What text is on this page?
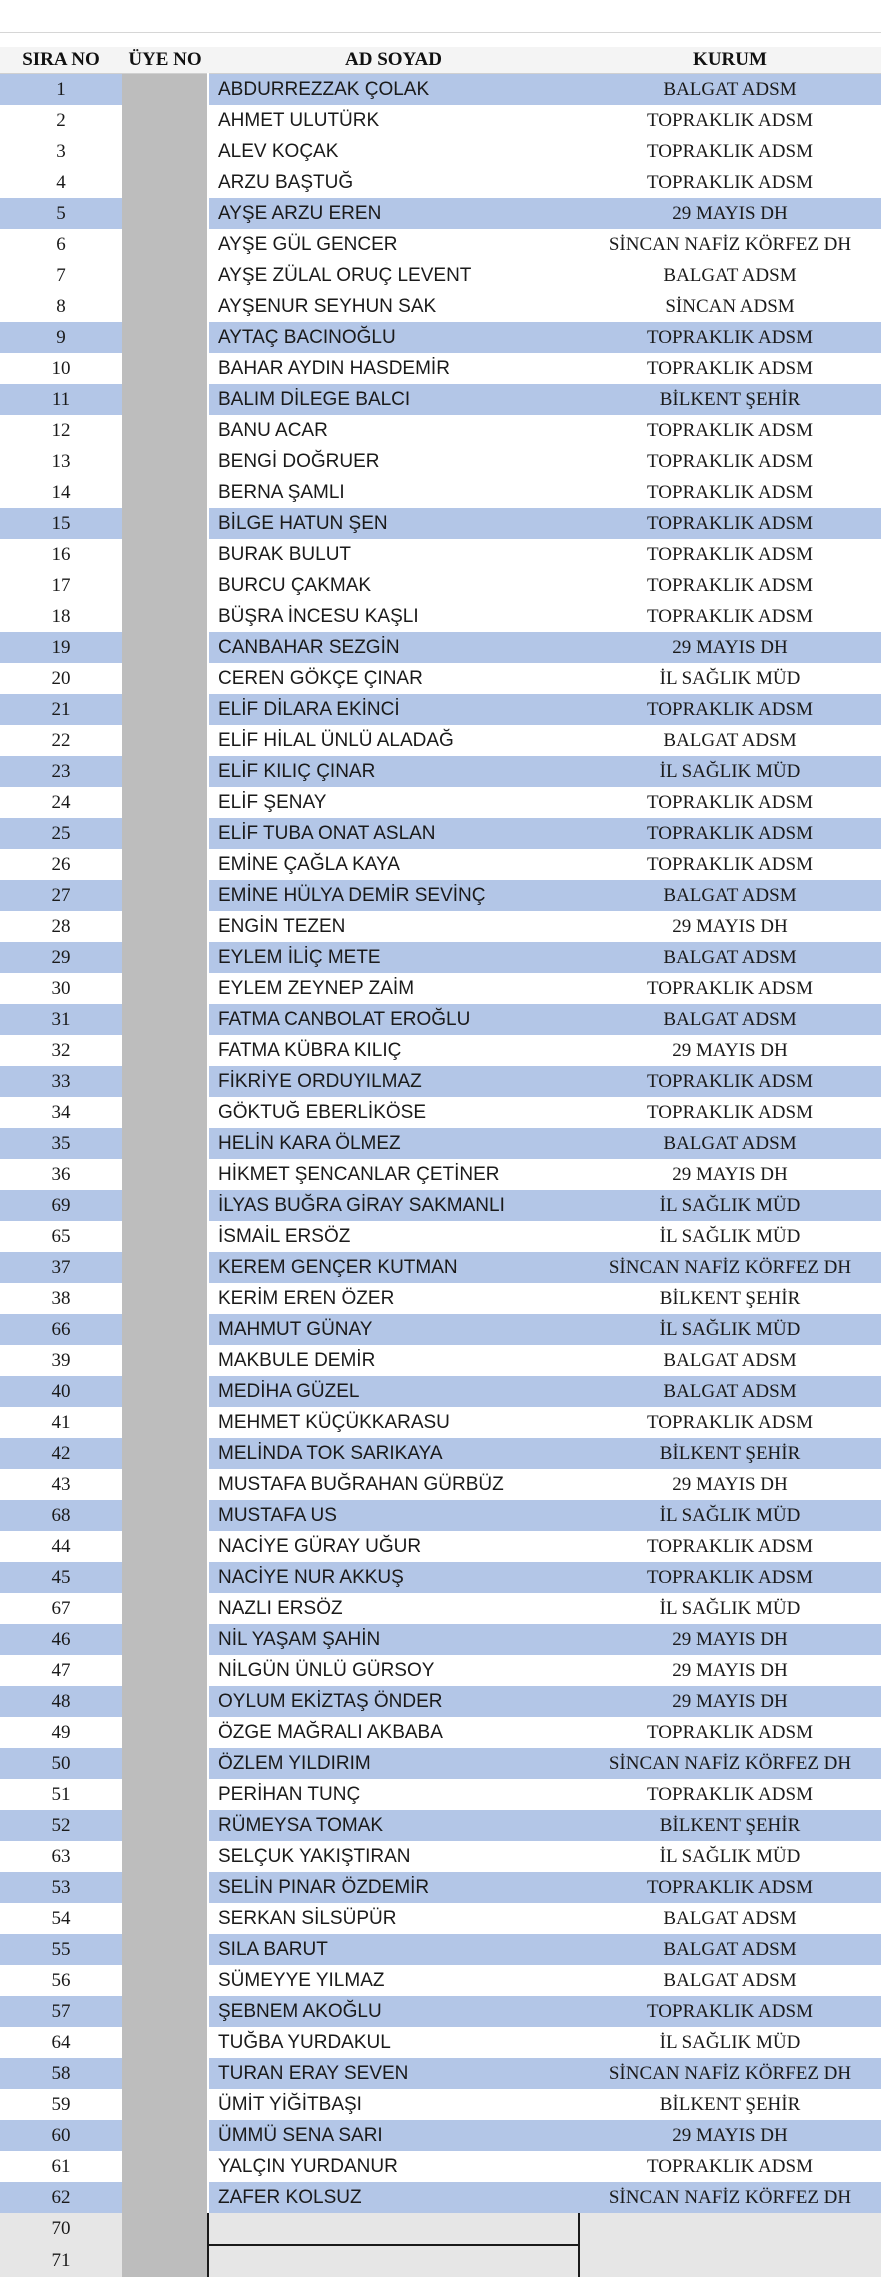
SIRA NO	ÜYE NO	AD SOYAD	KURUM
1		ABDURREZZAK ÇOLAK	BALGAT ADSM
2		AHMET ULUTÜRK	TOPRAKLIK ADSM
3		ALEV KOÇAK	TOPRAKLIK ADSM
4		ARZU BAŞTUĞ	TOPRAKLIK ADSM
5		AYŞE ARZU EREN	29 MAYIS DH
6		AYŞE GÜL GENCER	SİNCAN NAFİZ KÖRFEZ DH
7		AYŞE ZÜLAL ORUÇ LEVENT	BALGAT ADSM
8		AYŞENUR SEYHUN SAK	SİNCAN ADSM
9		AYTAÇ BACINOĞLU	TOPRAKLIK ADSM
10		BAHAR AYDIN HASDEMİR	TOPRAKLIK ADSM
11		BALIM DİLEGE BALCI	BİLKENT ŞEHİR
12		BANU ACAR	TOPRAKLIK ADSM
13		BENGİ DOĞRUER	TOPRAKLIK ADSM
14		BERNA ŞAMLI	TOPRAKLIK ADSM
15		BİLGE HATUN ŞEN	TOPRAKLIK ADSM
16		BURAK BULUT	TOPRAKLIK ADSM
17		BURCU ÇAKMAK	TOPRAKLIK ADSM
18		BÜŞRA İNCESU KAŞLI	TOPRAKLIK ADSM
19		CANBAHAR SEZGİN	29 MAYIS DH
20		CEREN GÖKÇE ÇINAR	İL SAĞLIK MÜD
21		ELİF DİLARA EKİNCİ	TOPRAKLIK ADSM
22		ELİF HİLAL ÜNLÜ ALADAĞ	BALGAT ADSM
23		ELİF KILIÇ ÇINAR	İL SAĞLIK MÜD
24		ELİF ŞENAY	TOPRAKLIK ADSM
25		ELİF TUBA ONAT ASLAN	TOPRAKLIK ADSM
26		EMİNE ÇAĞLA KAYA	TOPRAKLIK ADSM
27		EMİNE HÜLYA DEMİR SEVİNÇ	BALGAT ADSM
28		ENGİN TEZEN	29 MAYIS DH
29		EYLEM İLİÇ METE	BALGAT ADSM
30		EYLEM ZEYNEP ZAİM	TOPRAKLIK ADSM
31		FATMA CANBOLAT EROĞLU	BALGAT ADSM
32		FATMA KÜBRA KILIÇ	29 MAYIS DH
33		FİKRİYE ORDUYILMAZ	TOPRAKLIK ADSM
34		GÖKTUĞ EBERLİKÖSE	TOPRAKLIK ADSM
35		HELİN KARA ÖLMEZ	BALGAT ADSM
36		HİKMET ŞENCANLAR ÇETİNER	29 MAYIS DH
69		İLYAS BUĞRA GİRAY SAKMANLI	İL SAĞLIK MÜD
65		İSMAİL ERSÖZ	İL SAĞLIK MÜD
37		KEREM GENÇER KUTMAN	SİNCAN NAFİZ KÖRFEZ DH
38		KERİM EREN ÖZER	BİLKENT ŞEHİR
66		MAHMUT GÜNAY	İL SAĞLIK MÜD
39		MAKBULE DEMİR	BALGAT ADSM
40		MEDİHA GÜZEL	BALGAT ADSM
41		MEHMET KÜÇÜKKARASU	TOPRAKLIK ADSM
42		MELİNDA TOK SARIKAYA	BİLKENT ŞEHİR
43		MUSTAFA BUĞRAHAN GÜRBÜZ	29 MAYIS DH
68		MUSTAFA US	İL SAĞLIK MÜD
44		NACİYE GÜRAY UĞUR	TOPRAKLIK ADSM
45		NACİYE NUR AKKUŞ	TOPRAKLIK ADSM
67		NAZLI ERSÖZ	İL SAĞLIK MÜD
46		NİL YAŞAM ŞAHİN	29 MAYIS DH
47		NİLGÜN ÜNLÜ GÜRSOY	29 MAYIS DH
48		OYLUM EKİZTAŞ ÖNDER	29 MAYIS DH
49		ÖZGE MAĞRALI AKBABA	TOPRAKLIK ADSM
50		ÖZLEM YILDIRIM	SİNCAN NAFİZ KÖRFEZ DH
51		PERİHAN TUNÇ	TOPRAKLIK ADSM
52		RÜMEYSA TOMAK	BİLKENT ŞEHİR
63		SELÇUK YAKIŞTIRAN	İL SAĞLIK MÜD
53		SELİN PINAR ÖZDEMİR	TOPRAKLIK ADSM
54		SERKAN SİLSÜPÜR	BALGAT ADSM
55		SILA BARUT	BALGAT ADSM
56		SÜMEYYE YILMAZ	BALGAT ADSM
57		ŞEBNEM AKOĞLU	TOPRAKLIK ADSM
64		TUĞBA YURDAKUL	İL SAĞLIK MÜD
58		TURAN ERAY SEVEN	SİNCAN NAFİZ KÖRFEZ DH
59		ÜMİT YİĞİTBAŞI	BİLKENT ŞEHİR
60		ÜMMÜ SENA SARI	29 MAYIS DH
61		YALÇIN YURDANUR	TOPRAKLIK ADSM
62		ZAFER KOLSUZ	SİNCAN NAFİZ KÖRFEZ DH
70			
71			
